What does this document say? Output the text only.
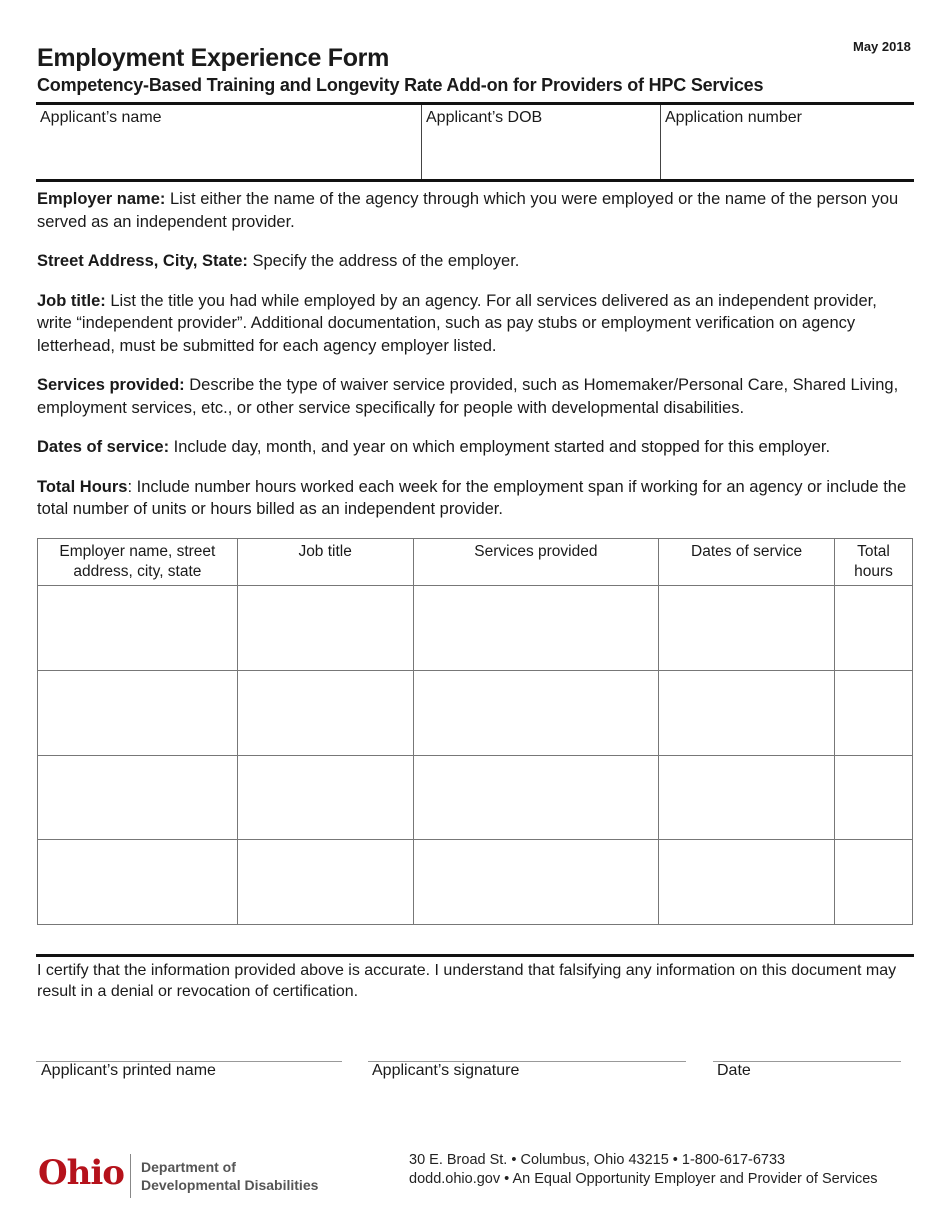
May 2018
Employment Experience Form
Competency-Based Training and Longevity Rate Add-on for Providers of HPC Services
Applicant’s name	Applicant’s DOB	Application number

Employer name: List either the name of the agency through which you were employed or the name of the person you served as an independent provider.

Street Address, City, State: Specify the address of the employer.

Job title: List the title you had while employed by an agency. For all services delivered as an independent provider, write “independent provider”. Additional documentation, such as pay stubs or employment verification on agency letterhead, must be submitted for each agency employer listed.

Services provided: Describe the type of waiver service provided, such as Homemaker/Personal Care, Shared Living, employment services, etc., or other service specifically for people with developmental disabilities.

Dates of service: Include day, month, and year on which employment started and stopped for this employer.

Total Hours: Include number hours worked each week for the employment span if working for an agency or include the total number of units or hours billed as an independent provider.

Employer name, street address, city, state	Job title	Services provided	Dates of service	Total hours

I certify that the information provided above is accurate. I understand that falsifying any information on this document may result in a denial or revocation of certification.
Applicant’s printed name	Applicant’s signature	Date
Ohio Department of
Developmental Disabilities
30 E. Broad St. • Columbus, Ohio 43215 • 1-800-617-6733
dodd.ohio.gov • An Equal Opportunity Employer and Provider of Services
